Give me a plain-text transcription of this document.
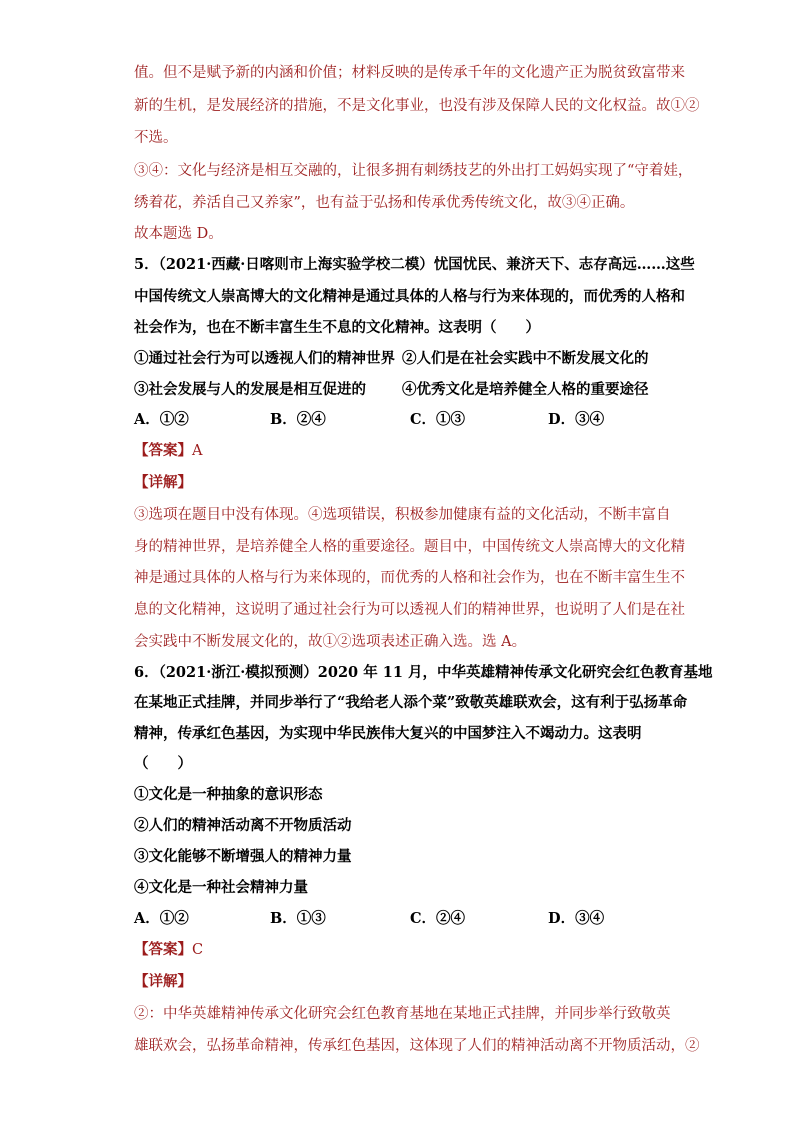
值。但不是赋予新的内涵和价值；材料反映的是传承千年的文化遗产正为脱贫致富带来
新的生机，是发展经济的措施，不是文化事业，也没有涉及保障人民的文化权益。故①②
不选。
③④：文化与经济是相互交融的，让很多拥有刺绣技艺的外出打工妈妈实现了“守着娃，
绣着花，养活自己又养家”，也有益于弘扬和传承优秀传统文化，故③④正确。
故本题选 D。
5．（2021·西藏·日喀则市上海实验学校二模）忧国忧民、兼济天下、志存高远……这些
中国传统文人崇高博大的文化精神是通过具体的人格与行为来体现的，而优秀的人格和
社会作为，也在不断丰富生生不息的文化精神。这表明（　　）
①通过社会行为可以透视人们的精神世界 ②人们是在社会实践中不断发展文化的
③社会发展与人的发展是相互促进的 ④优秀文化是培养健全人格的重要途径
A．①②	B．②④	C．①③	D．③④
【答案】A
【详解】
③选项在题目中没有体现。④选项错误，积极参加健康有益的文化活动，不断丰富自
身的精神世界，是培养健全人格的重要途径。题目中，中国传统文人崇高博大的文化精
神是通过具体的人格与行为来体现的，而优秀的人格和社会作为，也在不断丰富生生不
息的文化精神，这说明了通过社会行为可以透视人们的精神世界，也说明了人们是在社
会实践中不断发展文化的，故①②选项表述正确入选。选 A。
6．（2021·浙江·模拟预测）2020 年 11 月，中华英雄精神传承文化研究会红色教育基地
在某地正式挂牌，并同步举行了“我给老人添个菜”致敬英雄联欢会，这有利于弘扬革命
精神，传承红色基因，为实现中华民族伟大复兴的中国梦注入不竭动力。这表明
（　　）
①文化是一种抽象的意识形态
②人们的精神活动离不开物质活动
③文化能够不断增强人的精神力量
④文化是一种社会精神力量
A．①②	B．①③	C．②④	D．③④
【答案】C
【详解】
②：中华英雄精神传承文化研究会红色教育基地在某地正式挂牌，并同步举行致敬英
雄联欢会，弘扬革命精神，传承红色基因，这体现了人们的精神活动离不开物质活动，②
